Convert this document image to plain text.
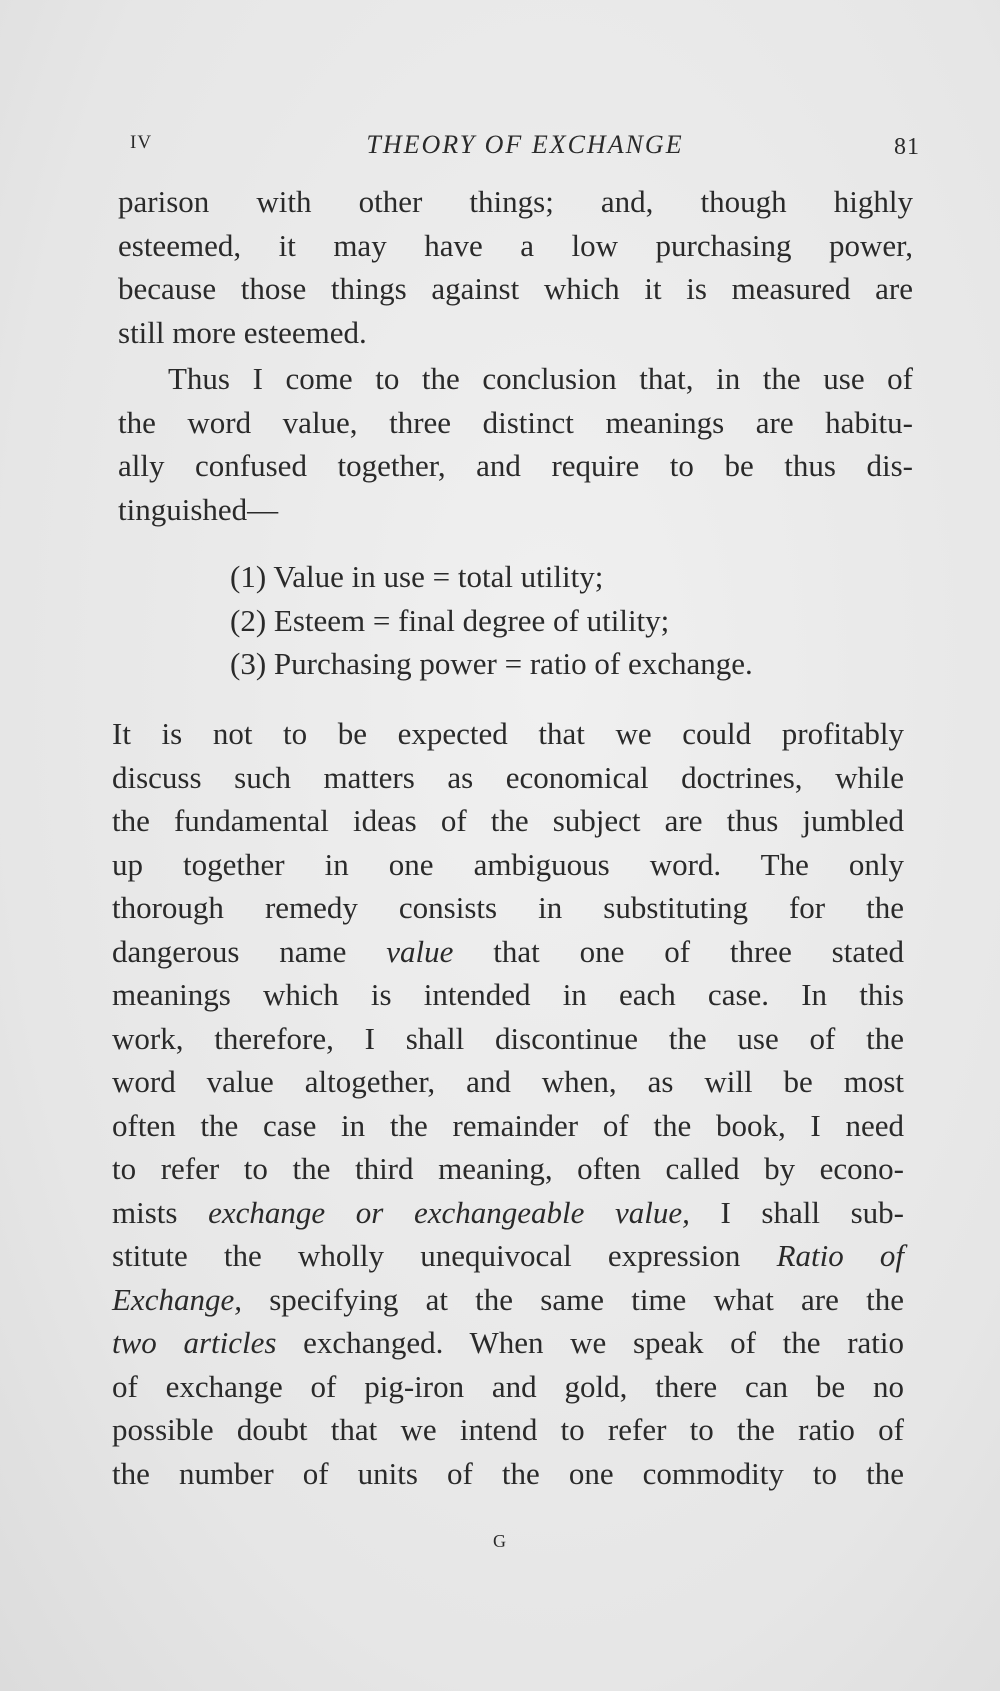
IV	THEORY OF EXCHANGE	81
parison with other things; and, though highly
esteemed, it may have a low purchasing power,
because those things against which it is measured are
still more esteemed.
Thus I come to the conclusion that, in the use of
the word value, three distinct meanings are habitu-
ally confused together, and require to be thus dis-
tinguished—
(1) Value in use = total utility;
(2) Esteem = final degree of utility;
(3) Purchasing power = ratio of exchange.
It is not to be expected that we could profitably
discuss such matters as economical doctrines, while
the fundamental ideas of the subject are thus jumbled
up together in one ambiguous word. The only
thorough remedy consists in substituting for the
dangerous name value that one of three stated
meanings which is intended in each case. In this
work, therefore, I shall discontinue the use of the
word value altogether, and when, as will be most
often the case in the remainder of the book, I need
to refer to the third meaning, often called by econo-
mists exchange or exchangeable value, I shall sub-
stitute the wholly unequivocal expression Ratio of
Exchange, specifying at the same time what are the
two articles exchanged. When we speak of the ratio
of exchange of pig-iron and gold, there can be no
possible doubt that we intend to refer to the ratio of
the number of units of the one commodity to the
G
